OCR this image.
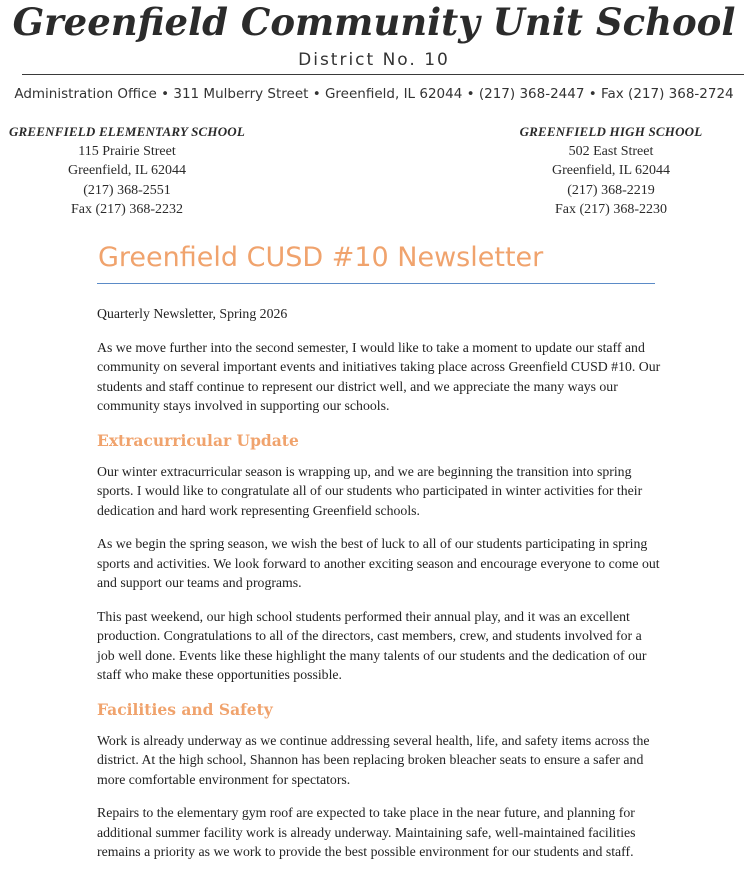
Greenfield Community Unit School
District No. 10
Administration Office • 311 Mulberry Street • Greenfield, IL 62044 • (217) 368-2447 • Fax (217) 368-2724
GREENFIELD ELEMENTARY SCHOOL
115 Prairie Street
Greenfield, IL 62044
(217) 368-2551
Fax (217) 368-2232
GREENFIELD HIGH SCHOOL
502 East Street
Greenfield, IL 62044
(217) 368-2219
Fax (217) 368-2230
Greenfield CUSD #10 Newsletter

Quarterly Newsletter, Spring 2026

As we move further into the second semester, I would like to take a moment to update our staff and community on several important events and initiatives taking place across Greenfield CUSD #10. Our students and staff continue to represent our district well, and we appreciate the many ways our community stays involved in supporting our schools.

Extracurricular Update

Our winter extracurricular season is wrapping up, and we are beginning the transition into spring sports. I would like to congratulate all of our students who participated in winter activities for their dedication and hard work representing Greenfield schools.

As we begin the spring season, we wish the best of luck to all of our students participating in spring sports and activities. We look forward to another exciting season and encourage everyone to come out and support our teams and programs.

This past weekend, our high school students performed their annual play, and it was an excellent production. Congratulations to all of the directors, cast members, crew, and students involved for a job well done. Events like these highlight the many talents of our students and the dedication of our staff who make these opportunities possible.

Facilities and Safety

Work is already underway as we continue addressing several health, life, and safety items across the district. At the high school, Shannon has been replacing broken bleacher seats to ensure a safer and more comfortable environment for spectators.

Repairs to the elementary gym roof are expected to take place in the near future, and planning for additional summer facility work is already underway. Maintaining safe, well-maintained facilities remains a priority as we work to provide the best possible environment for our students and staff.
